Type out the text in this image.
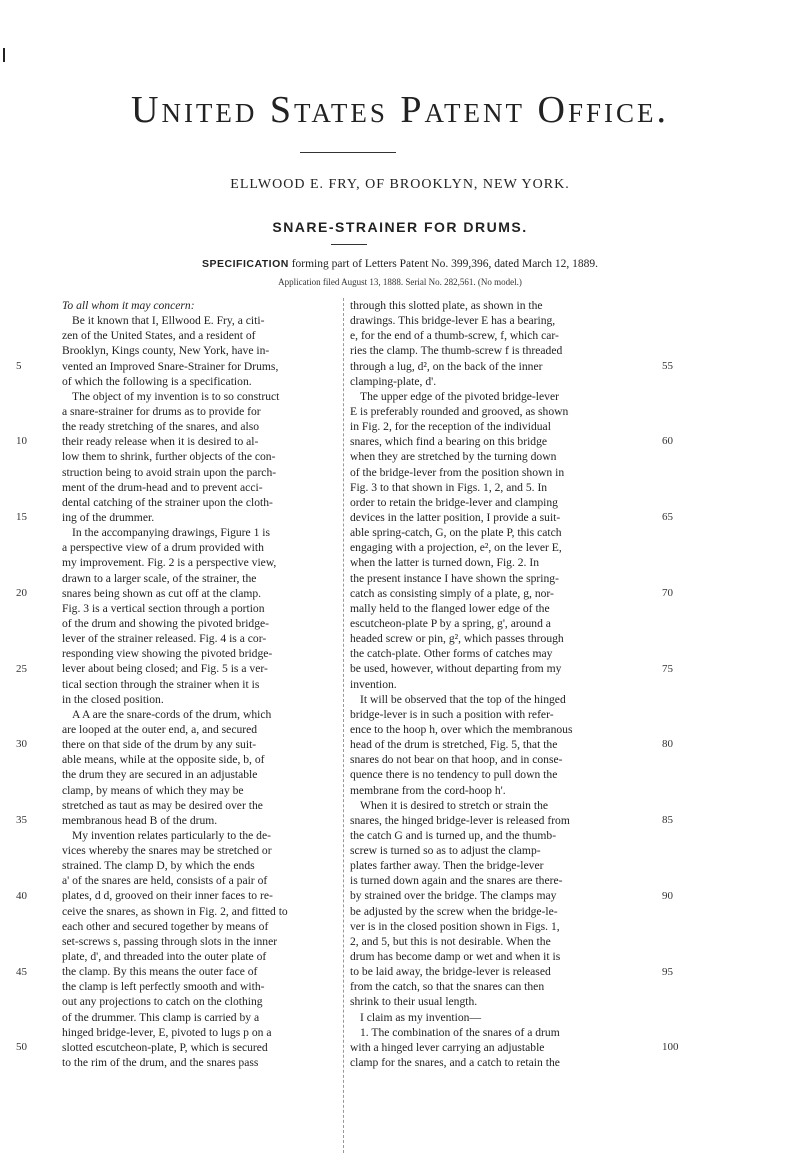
United States Patent Office.
ELLWOOD E. FRY, OF BROOKLYN, NEW YORK.
SNARE-STRAINER FOR DRUMS.
SPECIFICATION forming part of Letters Patent No. 399,396, dated March 12, 1889.
Application filed August 13, 1888. Serial No. 282,561. (No model.)
5
10
15
20
25
30
35
40
45
50
To all whom it may concern:
Be it known that I, Ellwood E. Fry, a citi-
zen of the United States, and a resident of
Brooklyn, Kings county, New York, have in-
vented an Improved Snare-Strainer for Drums,
of which the following is a specification.
The object of my invention is to so construct
a snare-strainer for drums as to provide for
the ready stretching of the snares, and also
their ready release when it is desired to al-
low them to shrink, further objects of the con-
struction being to avoid strain upon the parch-
ment of the drum-head and to prevent acci-
dental catching of the strainer upon the cloth-
ing of the drummer.
In the accompanying drawings, Figure 1 is
a perspective view of a drum provided with
my improvement. Fig. 2 is a perspective view,
drawn to a larger scale, of the strainer, the
snares being shown as cut off at the clamp.
Fig. 3 is a vertical section through a portion
of the drum and showing the pivoted bridge-
lever of the strainer released. Fig. 4 is a cor-
responding view showing the pivoted bridge-
lever about being closed; and Fig. 5 is a ver-
tical section through the strainer when it is
in the closed position.
A A are the snare-cords of the drum, which
are looped at the outer end, a, and secured
there on that side of the drum by any suit-
able means, while at the opposite side, b, of
the drum they are secured in an adjustable
clamp, by means of which they may be
stretched as taut as may be desired over the
membranous head B of the drum.
My invention relates particularly to the de-
vices whereby the snares may be stretched or
strained. The clamp D, by which the ends
a' of the snares are held, consists of a pair of
plates, d d, grooved on their inner faces to re-
ceive the snares, as shown in Fig. 2, and fitted to
each other and secured together by means of
set-screws s, passing through slots in the inner
plate, d', and threaded into the outer plate of
the clamp. By this means the outer face of
the clamp is left perfectly smooth and with-
out any projections to catch on the clothing
of the drummer. This clamp is carried by a
hinged bridge-lever, E, pivoted to lugs p on a
slotted escutcheon-plate, P, which is secured
to the rim of the drum, and the snares pass
through this slotted plate, as shown in the
drawings. This bridge-lever E has a bearing,
e, for the end of a thumb-screw, f, which car-
ries the clamp. The thumb-screw f is threaded
through a lug, d², on the back of the inner
clamping-plate, d'.
The upper edge of the pivoted bridge-lever
E is preferably rounded and grooved, as shown
in Fig. 2, for the reception of the individual
snares, which find a bearing on this bridge
when they are stretched by the turning down
of the bridge-lever from the position shown in
Fig. 3 to that shown in Figs. 1, 2, and 5. In
order to retain the bridge-lever and clamping
devices in the latter position, I provide a suit-
able spring-catch, G, on the plate P, this catch
engaging with a projection, e², on the lever E,
when the latter is turned down, Fig. 2. In
the present instance I have shown the spring-
catch as consisting simply of a plate, g, nor-
mally held to the flanged lower edge of the
escutcheon-plate P by a spring, g', around a
headed screw or pin, g², which passes through
the catch-plate. Other forms of catches may
be used, however, without departing from my
invention.
It will be observed that the top of the hinged
bridge-lever is in such a position with refer-
ence to the hoop h, over which the membranous
head of the drum is stretched, Fig. 5, that the
snares do not bear on that hoop, and in conse-
quence there is no tendency to pull down the
membrane from the cord-hoop h'.
When it is desired to stretch or strain the
snares, the hinged bridge-lever is released from
the catch G and is turned up, and the thumb-
screw is turned so as to adjust the clamp-
plates farther away. Then the bridge-lever
is turned down again and the snares are there-
by strained over the bridge. The clamps may
be adjusted by the screw when the bridge-le-
ver is in the closed position shown in Figs. 1,
2, and 5, but this is not desirable. When the
drum has become damp or wet and when it is
to be laid away, the bridge-lever is released
from the catch, so that the snares can then
shrink to their usual length.
I claim as my invention—
1. The combination of the snares of a drum
with a hinged lever carrying an adjustable
clamp for the snares, and a catch to retain the
55
60
65
70
75
80
85
90
95
100
